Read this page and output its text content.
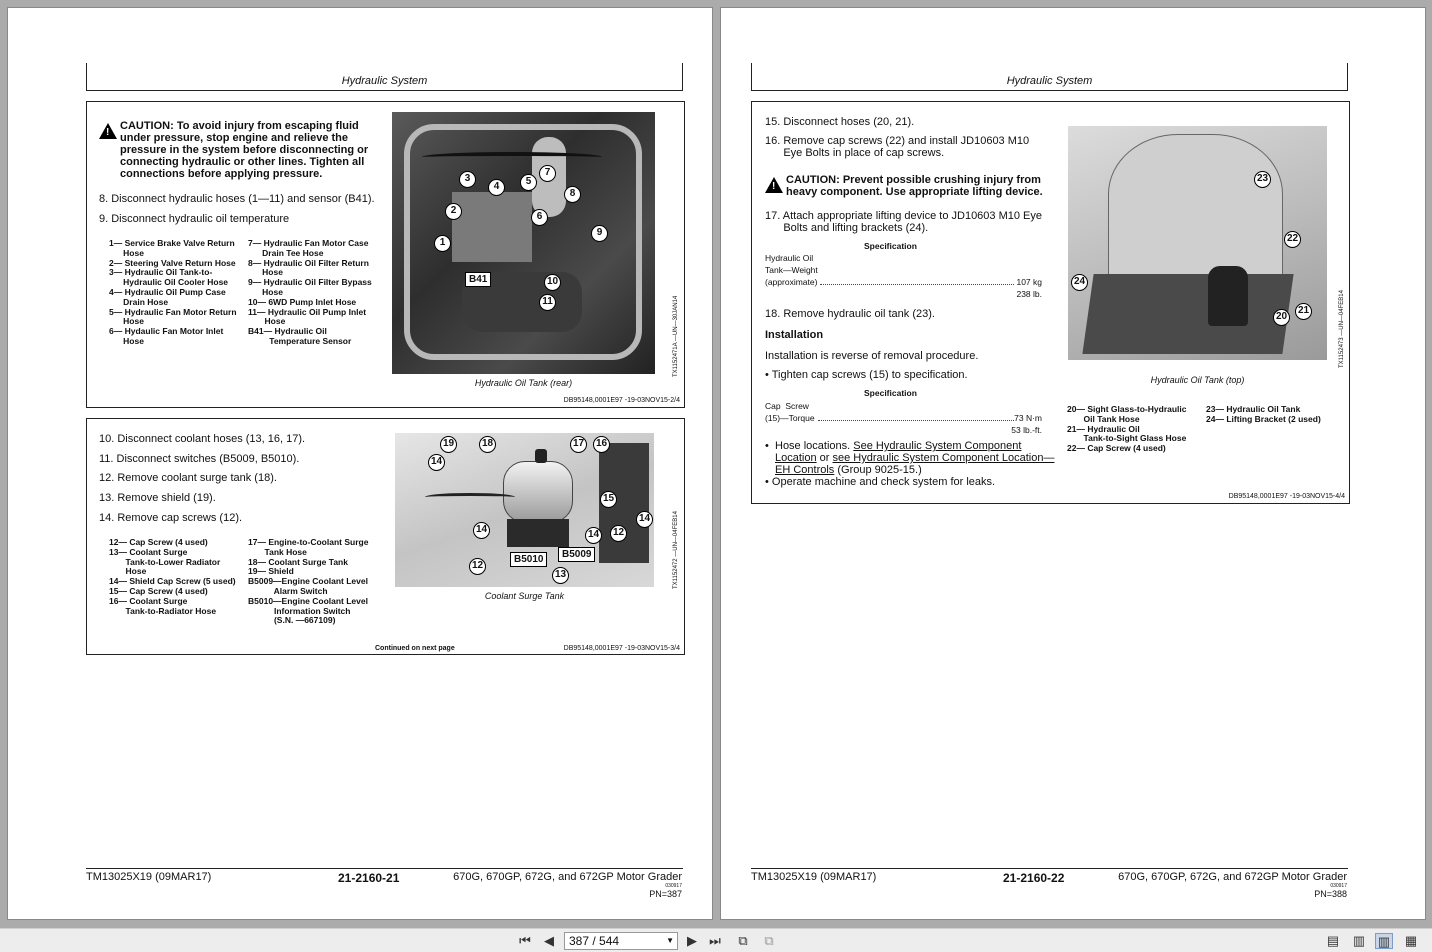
Hydraulic System
!
CAUTION: To avoid injury from escaping fluid under pressure, stop engine and relieve the pressure in the system before disconnecting or connecting hydraulic or other lines. Tighten all connections before applying pressure.
8. Disconnect hydraulic hoses (1—11) and sensor (B41).
9. Disconnect hydraulic oil temperature
1— Service Brake Valve Return
Hose
2— Steering Valve Return Hose
3— Hydraulic Oil Tank-to-
Hydraulic Oil Cooler Hose
4— Hydraulic Oil Pump Case
Drain Hose
5— Hydraulic Fan Motor Return
Hose
6— Hydaulic Fan Motor Inlet
Hose
7— Hydraulic Fan Motor Case
Drain Tee Hose
8— Hydraulic Oil Filter Return
Hose
9— Hydraulic Oil Filter Bypass
Hose
10— 6WD Pump Inlet Hose
11— Hydraulic Oil Pump Inlet
Hose
B41— Hydraulic Oil
Temperature Sensor
3
4	5
7
8
2
6
9
1
B41	10
11	TX1152471A —UN—30JAN14
Hydraulic Oil Tank (rear)
DB95148,0001E97 -19-03NOV15-2/4
10. Disconnect coolant hoses (13, 16, 17).
11. Disconnect switches (B5009, B5010).
12. Remove coolant surge tank (18).
13. Remove shield (19).
14. Remove cap screws (12).
12— Cap Screw (4 used)
13— Coolant Surge
Tank-to-Lower Radiator
Hose
14— Shield Cap Screw (5 used)
15— Cap Screw (4 used)
16— Coolant Surge
Tank-to-Radiator Hose
17— Engine-to-Coolant Surge
Tank Hose
18— Coolant Surge Tank
19— Shield
B5009—Engine Coolant Level
Alarm Switch
B5010—Engine Coolant Level
Information Switch
(S.N. —667109)
19	18	17 16
14
15
14
14	14 12
B5010	B5009
12
13	TX1152472 —UN—04FEB14
Coolant Surge Tank
Continued on next page	DB95148,0001E97 -19-03NOV15-3/4
TM13025X19 (09MAR17)	21-2160-21	670G, 670GP, 672G, and 672GP Motor Grader
030917
PN=387
Hydraulic System
15. Disconnect hoses (20, 21).
16. Remove cap screws (22) and install JD10603 M10
Eye Bolts in place of cap screws.
!
CAUTION: Prevent possible crushing injury from heavy component. Use appropriate lifting device.
17. Attach appropriate lifting device to JD10603 M10 Eye
Bolts and lifting brackets (24).
Specification
Hydraulic Oil
Tank—Weight
(approximate)	107 kg
238 lb.
18. Remove hydraulic oil tank (23).
Installation
Installation is reverse of removal procedure.
• Tighten cap screws (15) to specification.
Specification
Cap  Screw
(15)—Torque	73 N·m
53 lb.-ft.
• Hose locations. See Hydraulic System Component Location or see Hydraulic System Component Location—EH Controls (Group 9025-15.)
• Operate machine and check system for leaks.
23
22
24
21
20	TX1152473 —UN—04FEB14
Hydraulic Oil Tank (top)
20— Sight Glass-to-Hydraulic
Oil Tank Hose
21— Hydraulic Oil
Tank-to-Sight Glass Hose
22— Cap Screw (4 used)
23— Hydraulic Oil Tank
24— Lifting Bracket (2 used)
DB95148,0001E97 -19-03NOV15-4/4
TM13025X19 (09MAR17)	21-2160-22	670G, 670GP, 672G, and 672GP Motor Grader
030917
PN=388
⏮	◀	387 / 544	▼	▶ ⏭	⧉	⧉	▤ ▥ ▥ ▦
